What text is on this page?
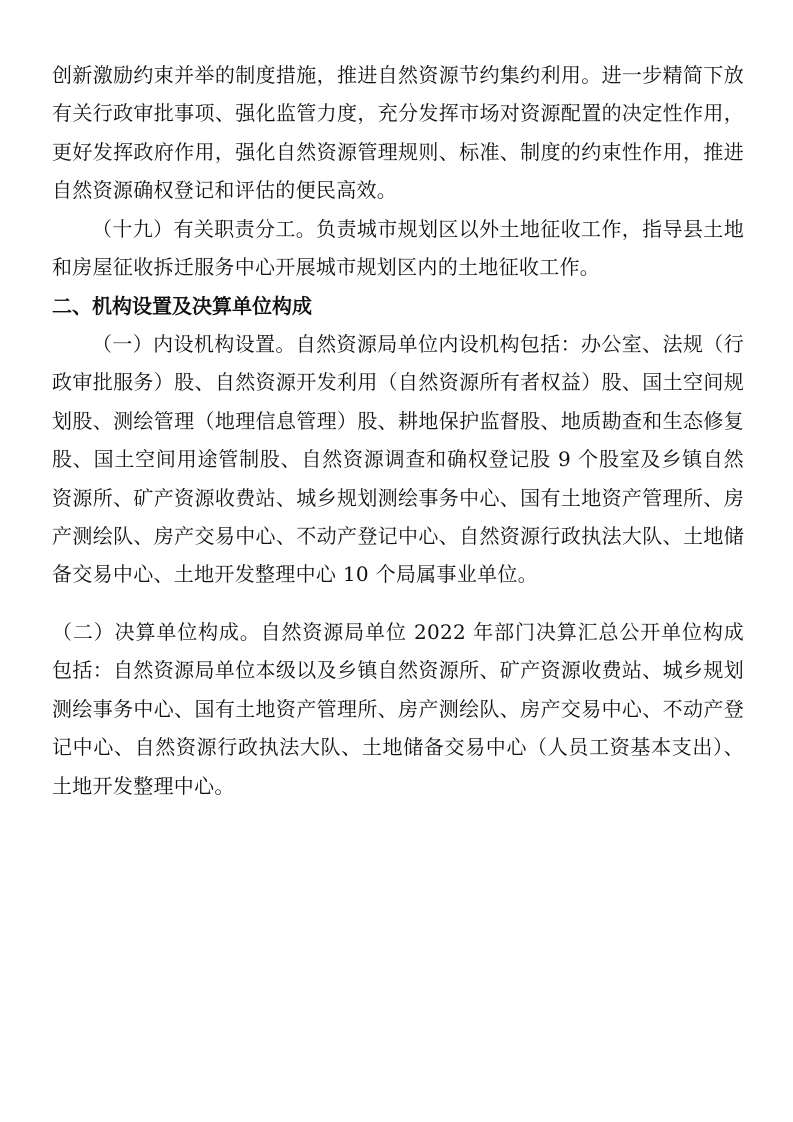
创新激励约束并举的制度措施，推进自然资源节约集约利用。进一步精简下放有关行政审批事项、强化监管力度，充分发挥市场对资源配置的决定性作用，更好发挥政府作用，强化自然资源管理规则、标准、制度的约束性作用，推进自然资源确权登记和评估的便民高效。

（十九）有关职责分工。负责城市规划区以外土地征收工作，指导县土地和房屋征收拆迁服务中心开展城市规划区内的土地征收工作。

二、机构设置及决算单位构成

（一）内设机构设置。自然资源局单位内设机构包括：办公室、法规（行政审批服务）股、自然资源开发利用（自然资源所有者权益）股、国土空间规划股、测绘管理（地理信息管理）股、耕地保护监督股、地质勘查和生态修复股、国土空间用途管制股、自然资源调查和确权登记股 9 个股室及乡镇自然资源所、矿产资源收费站、城乡规划测绘事务中心、国有土地资产管理所、房产测绘队、房产交易中心、不动产登记中心、自然资源行政执法大队、土地储备交易中心、土地开发整理中心 10 个局属事业单位。

（二）决算单位构成。自然资源局单位 2022 年部门决算汇总公开单位构成包括：自然资源局单位本级以及乡镇自然资源所、矿产资源收费站、城乡规划测绘事务中心、国有土地资产管理所、房产测绘队、房产交易中心、不动产登记中心、自然资源行政执法大队、土地储备交易中心（人员工资基本支出）、土地开发整理中心。
